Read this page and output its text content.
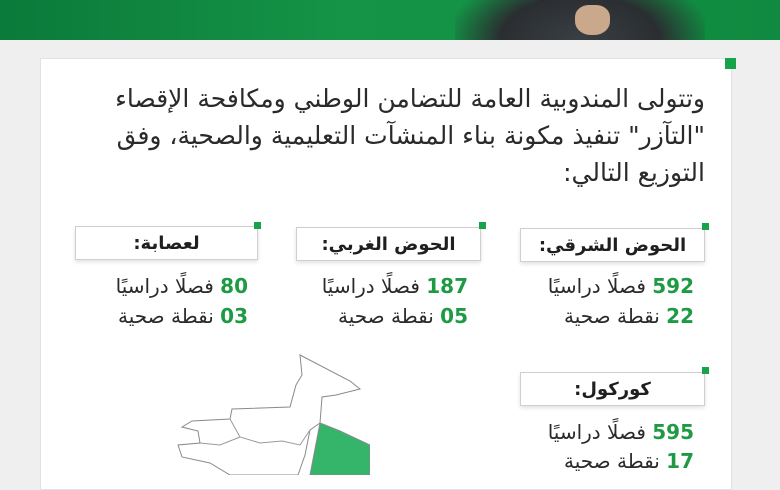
وتتولى المندوبية العامة للتضامن الوطني ومكافحة الإقصاء "التآزر" تنفيذ مكونة بناء المنشآت التعليمية والصحية، وفق التوزيع التالي:
الحوض الشرقي:
592 فصلًا دراسيًا
22 نقطة صحية
الحوض الغربي:
187 فصلًا دراسيًا
05 نقطة صحية
لعصابة:
80 فصلًا دراسيًا
03 نقطة صحية
كوركول:
595 فصلًا دراسيًا
17 نقطة صحية
